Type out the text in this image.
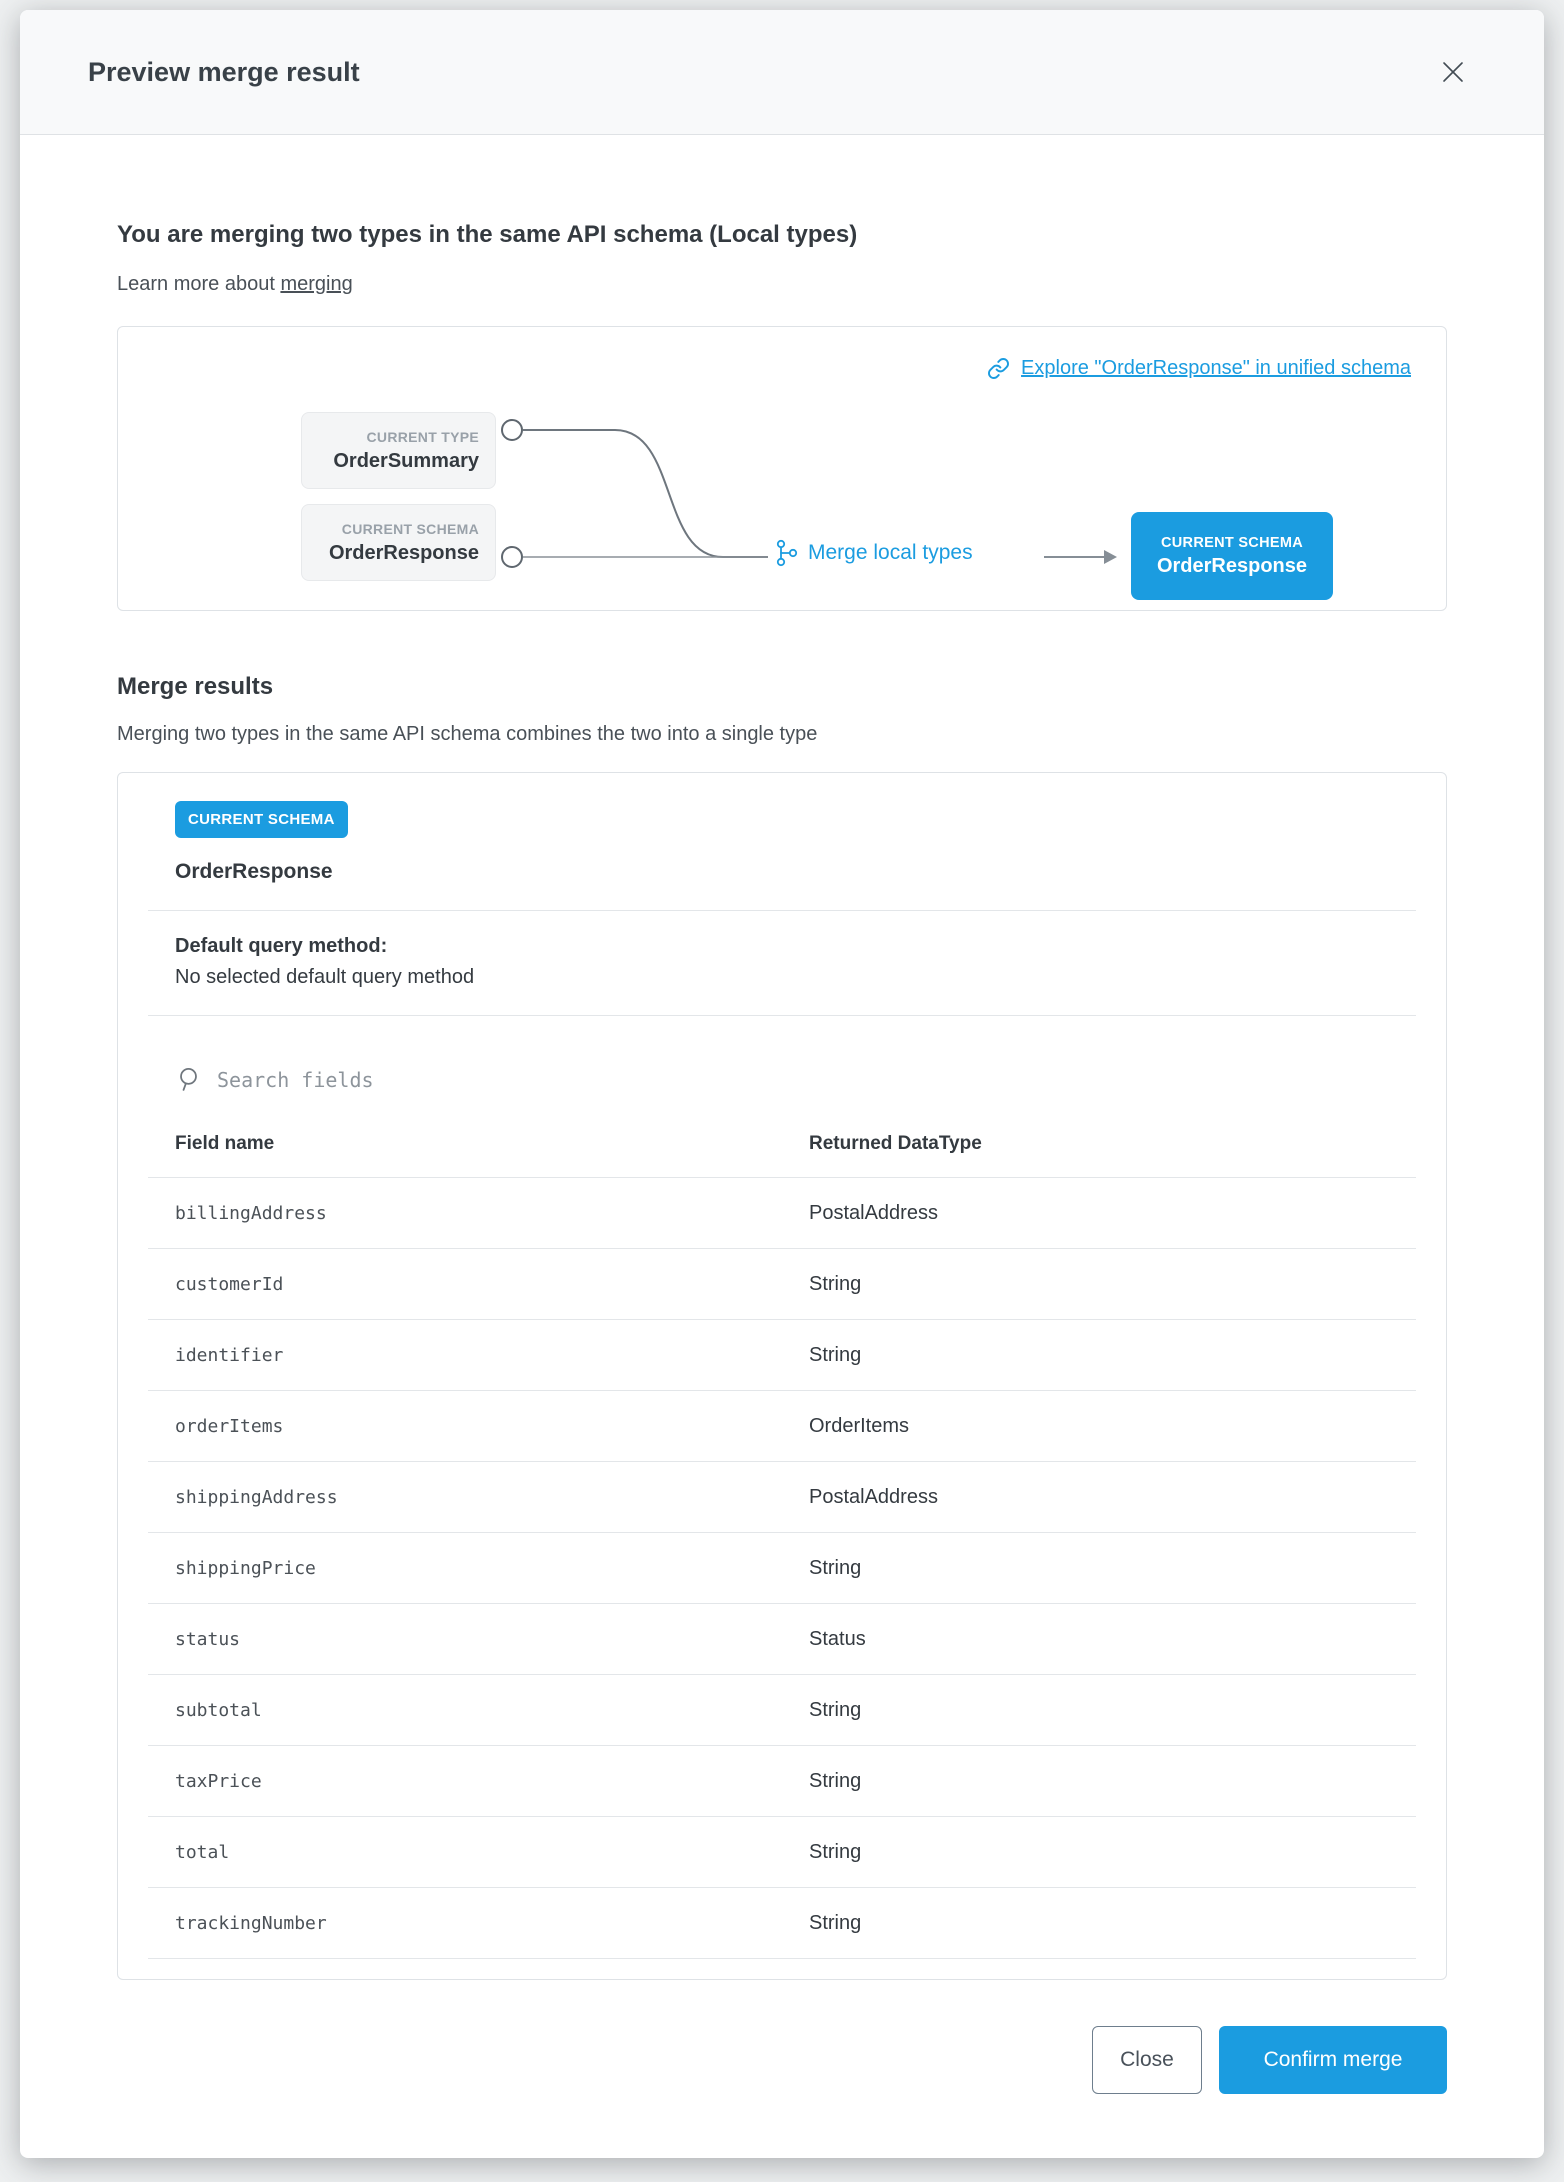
Preview merge result
You are merging two types in the same API schema (Local types)
Learn more about merging
Explore "OrderResponse" in unified schema
CURRENT TYPE
OrderSummary
CURRENT SCHEMA
OrderResponse	Merge local types	CURRENT SCHEMA
OrderResponse
Merge results
Merging two types in the same API schema combines the two into a single type
CURRENT SCHEMA
OrderResponse
Default query method:
No selected default query method
Search fields
Field name	Returned DataType
billingAddress	PostalAddress
customerId	String
identifier	String
orderItems	OrderItems
shippingAddress	PostalAddress
shippingPrice	String
status	Status
subtotal	String
taxPrice	String
total	String
trackingNumber	String
Close	Confirm merge
